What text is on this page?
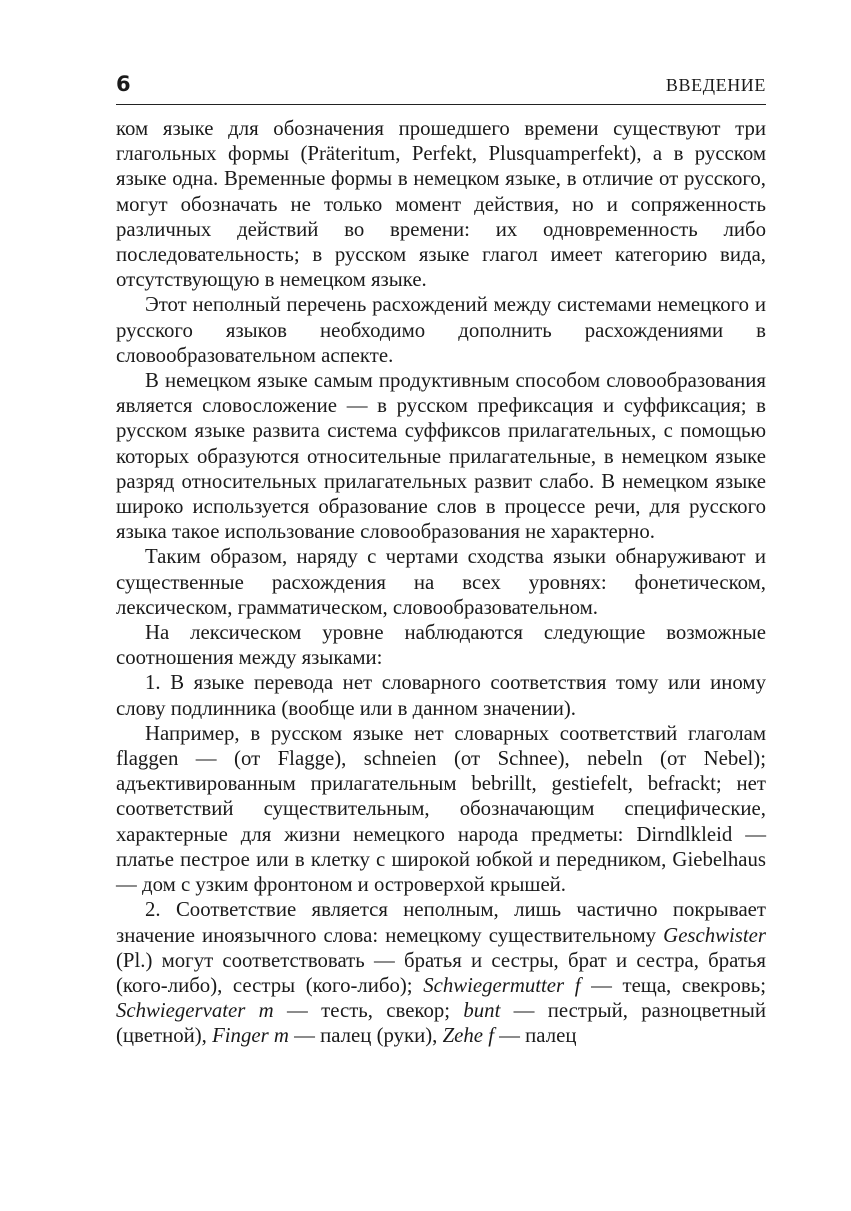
6	ВВЕДЕНИЕ

ком языке для обозначения прошедшего времени существуют три глагольных формы (Präteritum, Perfekt, Plusquamperfekt), а в русском языке одна. Временные формы в немецком языке, в отличие от русского, могут обозначать не только момент действия, но и сопряженность различных действий во времени: их одновременность либо последовательность; в русском языке глагол имеет категорию вида, отсутствующую в немецком языке.

Этот неполный перечень расхождений между системами немецкого и русского языков необходимо дополнить расхождениями в словообразовательном аспекте.

В немецком языке самым продуктивным способом словообразования является словосложение — в русском префиксация и суффиксация; в русском языке развита система суффиксов прилагательных, с помощью которых образуются относительные прилагательные, в немецком языке разряд относительных прилагательных развит слабо. В немецком языке широко используется образование слов в процессе речи, для русского языка такое использование словообразования не характерно.

Таким образом, наряду с чертами сходства языки обнаруживают и существенные расхождения на всех уровнях: фонетическом, лексическом, грамматическом, словообразовательном.

На лексическом уровне наблюдаются следующие возможные соотношения между языками:

1. В языке перевода нет словарного соответствия тому или иному слову подлинника (вообще или в данном значении).

Например, в русском языке нет словарных соответствий глаголам flaggen — (от Flagge), schneien (от Schnee), nebeln (от Nebel); адъективированным прилагательным bebrillt, gestiefelt, befrackt; нет соответствий существительным, обозначающим специфические, характерные для жизни немецкого народа предметы: Dirndlkleid — платье пестрое или в клетку с широкой юбкой и передником, Giebelhaus — дом с узким фронтоном и островерхой крышей.

2. Соответствие является неполным, лишь частично покрывает значение иноязычного слова: немецкому существительному Geschwister (Pl.) могут соответствовать — братья и сестры, брат и сестра, братья (кого-либо), сестры (кого-либо); Schwiegermutter f — теща, свекровь; Schwiegervater m — тесть, свекор; bunt — пестрый, разноцветный (цветной), Finger m — палец (руки), Zehe f — палец
